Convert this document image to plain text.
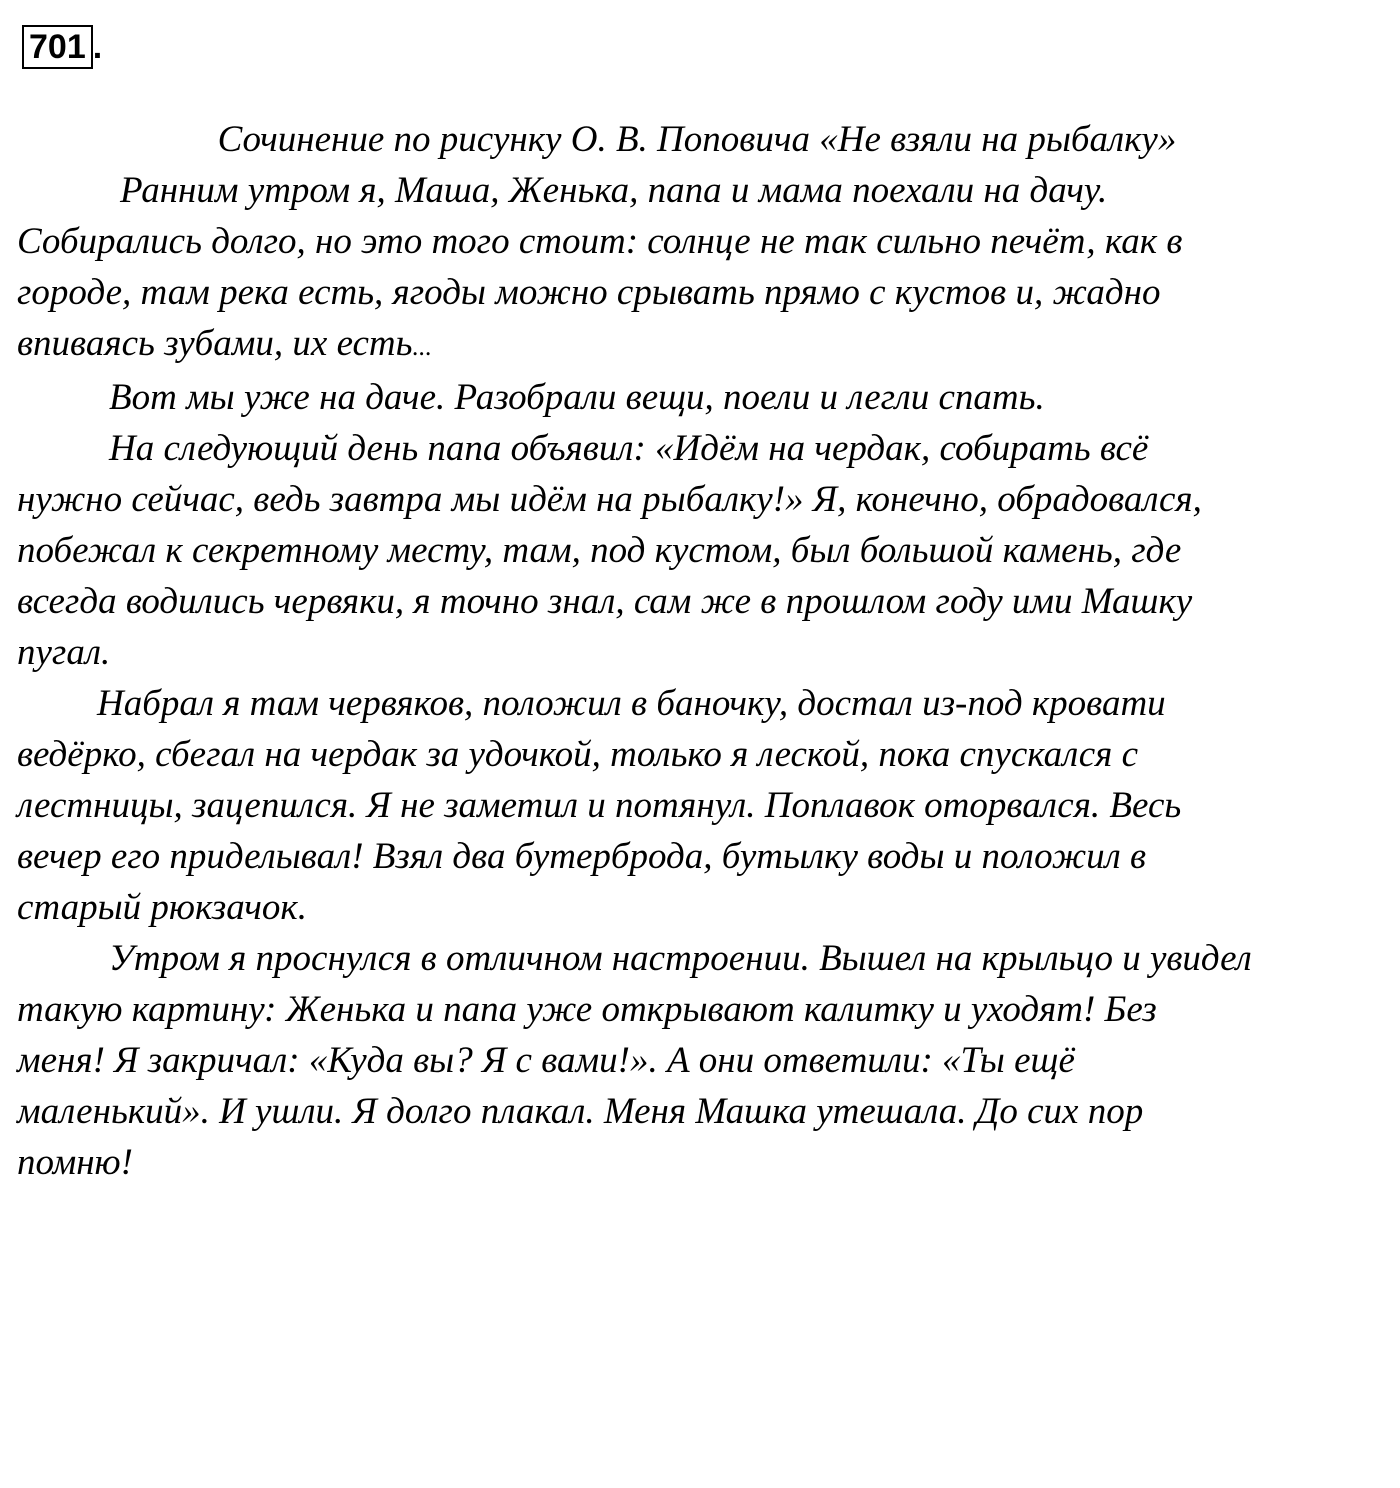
701 .

Сочинение по рисунку О. В. Поповича «Не взяли на рыбалку»

Ранним утром я, Маша, Женька, папа и мама поехали на дачу.
Собирались долго, но это того стоит: солнце не так сильно печёт, как в
городе, там река есть, ягоды можно срывать прямо с кустов и, жадно
впиваясь зубами, их есть...
Вот мы уже на даче. Разобрали вещи, поели и легли спать.
На следующий день папа объявил: «Идём на чердак, собирать всё
нужно сейчас, ведь завтра мы идём на рыбалку!» Я, конечно, обрадовался,
побежал к секретному месту, там, под кустом, был большой камень, где
всегда водились червяки, я точно знал, сам же в прошлом году ими Машку
пугал.
Набрал я там червяков, положил в баночку, достал из-под кровати
ведёрко, сбегал на чердак за удочкой, только я леской, пока спускался с
лестницы, зацепился. Я не заметил и потянул. Поплавок оторвался. Весь
вечер его приделывал! Взял два бутерброда, бутылку воды и положил в
старый рюкзачок.
Утром я проснулся в отличном настроении. Вышел на крыльцо и увидел
такую картину: Женька и папа уже открывают калитку и уходят! Без
меня! Я закричал: «Куда вы? Я с вами!». А они ответили: «Ты ещё
маленький». И ушли. Я долго плакал. Меня Машка утешала. До сих пор
помню!
